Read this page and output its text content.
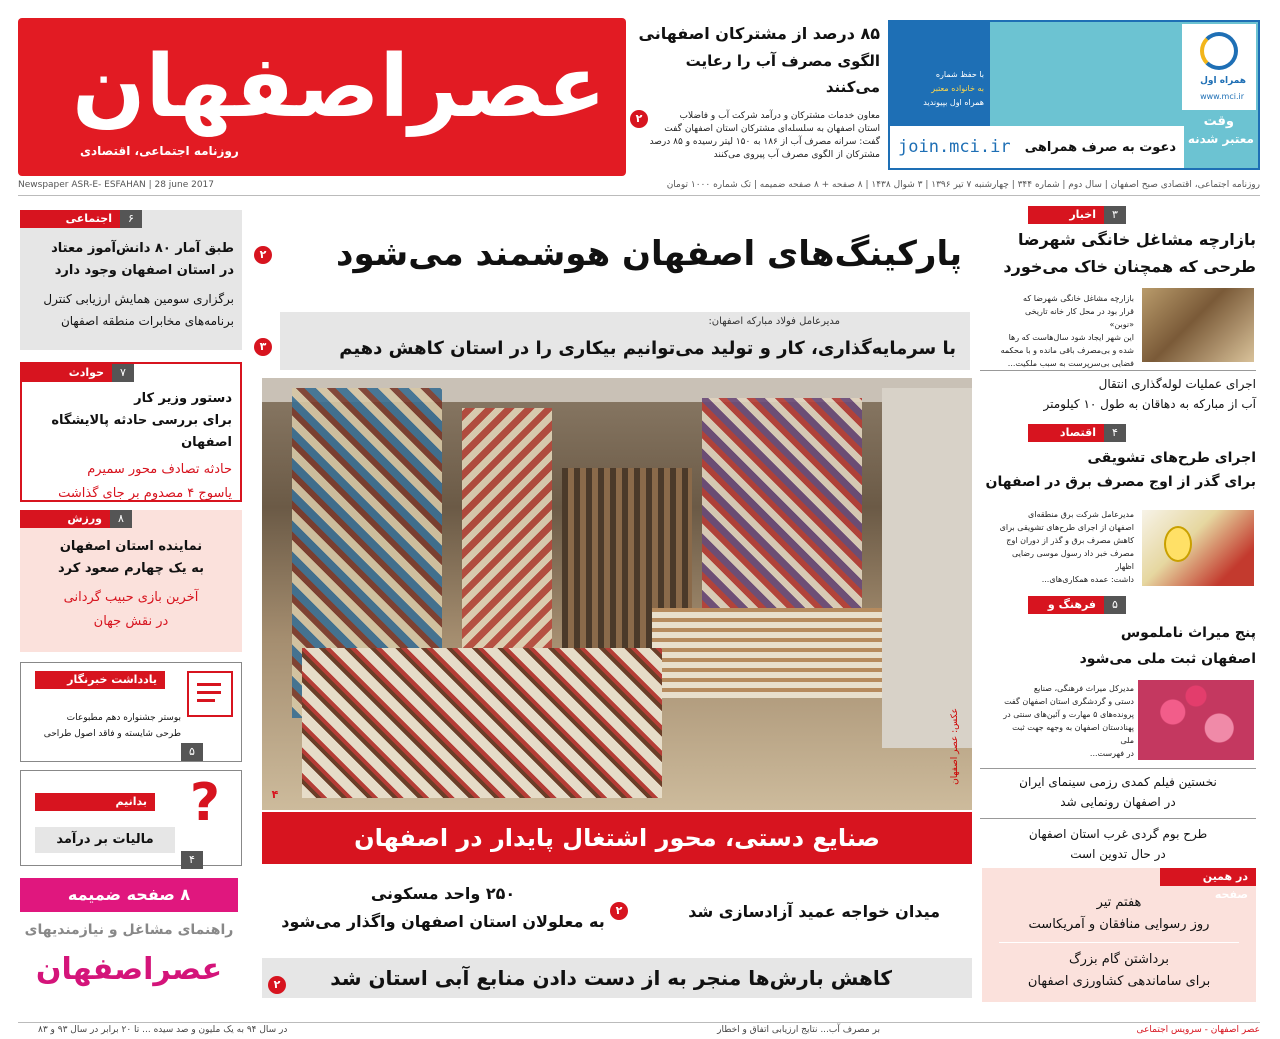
عصراصفهان
روزنامه اجتماعی، اقتصادی
۸۵ درصد از مشترکان اصفهانی
الگوی مصرف آب را رعایت می‌کنند
معاون خدمات مشترکان و درآمد شرکت آب و فاضلاب
استان اصفهان به سلسله‌ای مشترکان استان اصفهان گفت
گفت: سرانه مصرف آب از ۱۸۶ به ۱۵۰ لیتر رسیده و ۸۵ درصد
مشترکان از الگوی مصرف آب پیروی می‌کنند
۲
همراه اول
www.mci.ir
وقت
معتبر شدنه
با حفظ شماره
به خانواده معتبر
همراه اول بپیوندید
دعوت به صرف همراهی
join.mci.ir
روزنامه اجتماعی، اقتصادی صبح اصفهان | سال دوم | شماره ۳۴۴ | چهارشنبه ۷ تیر ۱۳۹۶ | ۳ شوال ۱۴۳۸ | ۸ صفحه + ۸ صفحه ضمیمه | تک شماره ۱۰۰۰ تومان
Newspaper ASR-E- ESFAHAN | 28 june 2017
اجتماعی	۶
طبق آمار ۸۰ دانش‌آموز معتاد
در استان اصفهان وجود دارد
برگزاری سومین همایش ارزیابی کنترل
برنامه‌های مخابرات منطقه اصفهان
حوادث	۷
دستور وزیر کار
برای بررسی حادثه پالایشگاه اصفهان
حادثه تصادف محور سمیرم
یاسوج ۴ مصدوم بر جای گذاشت
ورزش	۸
نماینده استان اصفهان
به یک چهارم صعود کرد
آخرین بازی حبیب گردانی
در نقش جهان
یادداشت خبرنگار
بوستر جشنواره دهم مطبوعات
طرحی شایسته و فاقد اصول طراحی
۵
بدانیم ?
مالیات بر درآمد
۴
۸ صفحه ضمیمه
راهنمای مشاغل و نیازمندیهای
عصراصفهان
پارکینگ‌های اصفهان هوشمند می‌شود
۲
مدیرعامل فولاد مبارکه اصفهان:
با سرمایه‌گذاری، کار و تولید می‌توانیم بیکاری را در استان کاهش دهیم
۳
عکس: عصر اصفهان
۴
صنایع دستی، محور اشتغال پایدار در اصفهان
۲۵۰ واحد مسکونی
به معلولان استان اصفهان واگذار می‌شود
۲	میدان خواجه عمید آزادسازی شد
کاهش بارش‌ها منجر به از دست دادن منابع آبی استان شد
۲
اخبار	۳
بازارچه مشاغل خانگی شهرضا
طرحی که همچنان خاک می‌خورد
بازارچه مشاغل خانگی شهرضا که
قرار بود در محل کار خانه تاریخی «نوبن»
این شهر ایجاد شود سال‌هاست که رها
شده و بی‌مصرف باقی مانده و با محکمه
فضایی بی‌سرپرست به سبب ملکیت...
اجرای عملیات لوله‌گذاری انتقال
آب از مبارکه به دهاقان به طول ۱۰ کیلومتر
اقتصاد	۴
اجرای طرح‌های تشویقی
برای گذر از اوج مصرف برق در اصفهان
مدیرعامل شرکت برق منطقه‌ای
اصفهان از اجرای طرح‌های تشویقی برای
کاهش مصرف برق و گذر از دوران اوج
مصرف خبر داد رسول موسی رضایی اظهار
داشت: عمده همکاری‌های...
فرهنگ و هنر
۵
پنج میراث ناملموس
اصفهان ثبت ملی می‌شود
مدیرکل میراث فرهنگی، صنایع
دستی و گردشگری استان اصفهان گفت
پرونده‌های ۵ مهارت و آئین‌های سنتی در
پهنادستان اصفهان به وجهه جهت ثبت ملی
در فهرست...
نخستین فیلم کمدی رزمی سینمای ایران
در اصفهان رونمایی شد
طرح بوم گردی غرب استان اصفهان
در حال تدوین است
در همین صفحه
هفتم تیر
روز رسوایی منافقان و آمریکاست
برداشتن گام بزرگ
برای ساماندهی کشاورزی اصفهان
عصر اصفهان - سرویس اجتماعی
بر مصرف آب... نتایج ارزیابی اتفاق و اخطار
در سال ۹۴ به یک ملیون و صد سیده ... تا ۲۰ برابر در سال ۹۳ و ۸۳
